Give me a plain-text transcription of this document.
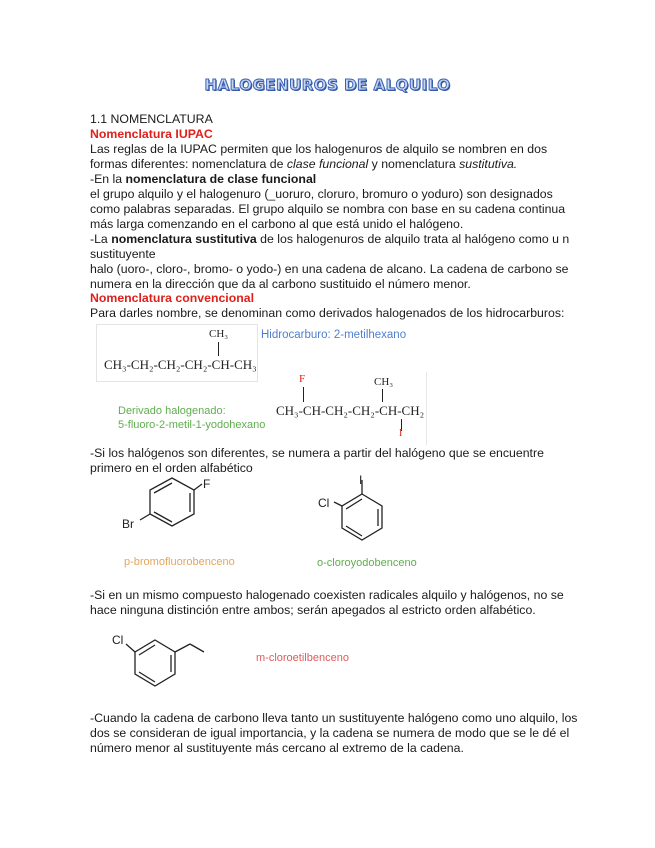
HALOGENUROS DE ALQUILO
1.1 NOMENCLATURA
Nomenclatura IUPAC
Las reglas de la IUPAC permiten que los halogenuros de alquilo se nombren en dos
formas diferentes: nomenclatura de clase funcional y nomenclatura sustitutiva.
-En la nomenclatura de clase funcional
el grupo alquilo y el halogenuro (_uoruro, cloruro, bromuro o yoduro) son designados
como palabras separadas. El grupo alquilo se nombra con base en su cadena continua
más larga comenzando en el carbono al que está unido el halógeno.
-La nomenclatura sustitutiva de los halogenuros de alquilo trata al halógeno como u n
sustituyente
halo (uoro-, cloro-, bromo- o yodo-) en una cadena de alcano. La cadena de carbono se
numera en la dirección que da al carbono sustituido el número menor.
Nomenclatura convencional
Para darles nombre, se denominan como derivados halogenados de los hidrocarburos:
CH₃
CH₃-CH₂-CH₂-CH₂-CH-CH₃
Hidrocarburo: 2-metilhexano
Derivado halogenado:
5-fluoro-2-metil-1-yodohexano
F	CH₃
CH₃-CH-CH₂-CH₂-CH-CH₂
I
-Si los halógenos son diferentes, se numera a partir del halógeno que se encuentre
primero en el orden alfabético
F
Br
I
Cl
p-bromofluorobenceno	o-cloroyodobenceno
-Si en un mismo compuesto halogenado coexisten radicales alquilo y halógenos, no se
hace ninguna distinción entre ambos; serán apegados al estricto orden alfabético.
Cl
m-cloroetilbenceno
-Cuando la cadena de carbono lleva tanto un sustituyente halógeno como uno alquilo, los
dos se consideran de igual importancia, y la cadena se numera de modo que se le dé el
número menor al sustituyente más cercano al extremo de la cadena.
